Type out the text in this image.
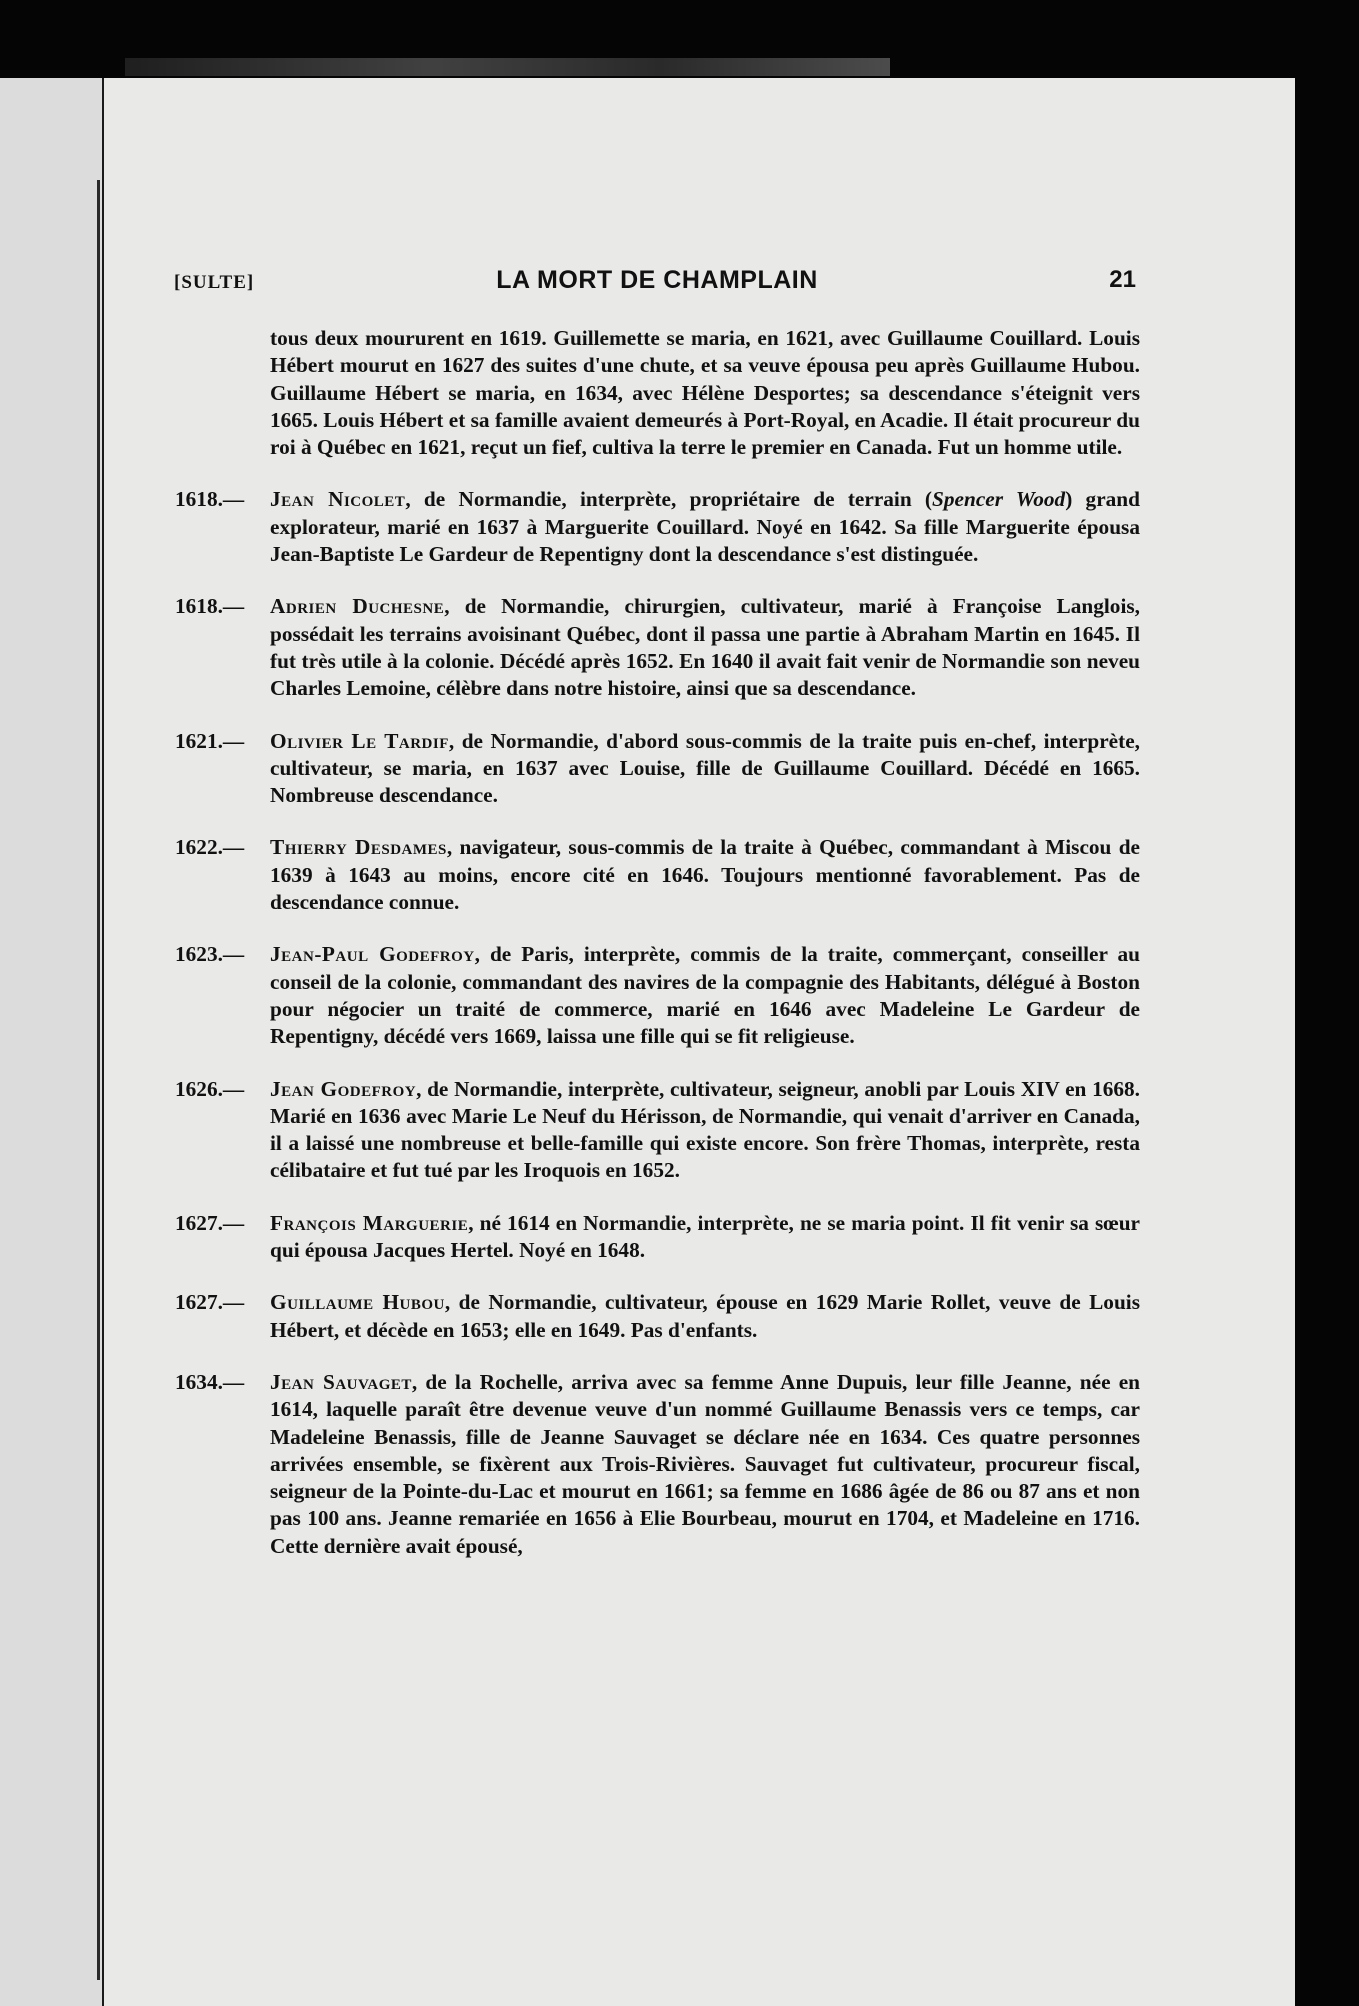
[SULTE]	LA MORT DE CHAMPLAIN	21

tous deux moururent en 1619. Guillemette se maria, en 1621, avec Guillaume Couillard. Louis Hébert mourut en 1627 des suites d'une chute, et sa veuve épousa peu après Guillaume Hubou. Guillaume Hébert se maria, en 1634, avec Hélène Desportes; sa descendance s'éteignit vers 1665. Louis Hébert et sa famille avaient demeurés à Port-Royal, en Acadie. Il était procureur du roi à Québec en 1621, reçut un fief, cultiva la terre le premier en Canada. Fut un homme utile.

1618.— Jean Nicolet, de Normandie, interprète, propriétaire de terrain (Spencer Wood) grand explorateur, marié en 1637 à Marguerite Couillard. Noyé en 1642. Sa fille Marguerite épousa Jean-Baptiste Le Gardeur de Repentigny dont la descendance s'est distinguée.
1618.— Adrien Duchesne, de Normandie, chirurgien, cultivateur, marié à Françoise Langlois, possédait les terrains avoisinant Québec, dont il passa une partie à Abraham Martin en 1645. Il fut très utile à la colonie. Décédé après 1652. En 1640 il avait fait venir de Normandie son neveu Charles Lemoine, célèbre dans notre histoire, ainsi que sa descendance.
1621.— Olivier Le Tardif, de Normandie, d'abord sous-commis de la traite puis en-chef, interprète, cultivateur, se maria, en 1637 avec Louise, fille de Guillaume Couillard. Décédé en 1665. Nombreuse descendance.
1622.— Thierry Desdames, navigateur, sous-commis de la traite à Québec, commandant à Miscou de 1639 à 1643 au moins, encore cité en 1646. Toujours mentionné favorablement. Pas de descendance connue.
1623.— Jean-Paul Godefroy, de Paris, interprète, commis de la traite, commerçant, conseiller au conseil de la colonie, commandant des navires de la compagnie des Habitants, délégué à Boston pour négocier un traité de commerce, marié en 1646 avec Madeleine Le Gardeur de Repentigny, décédé vers 1669, laissa une fille qui se fit religieuse.
1626.— Jean Godefroy, de Normandie, interprète, cultivateur, seigneur, anobli par Louis XIV en 1668. Marié en 1636 avec Marie Le Neuf du Hérisson, de Normandie, qui venait d'arriver en Canada, il a laissé une nombreuse et belle-famille qui existe encore. Son frère Thomas, interprète, resta célibataire et fut tué par les Iroquois en 1652.
1627.— François Marguerie, né 1614 en Normandie, interprète, ne se maria point. Il fit venir sa sœur qui épousa Jacques Hertel. Noyé en 1648.
1627.— Guillaume Hubou, de Normandie, cultivateur, épouse en 1629 Marie Rollet, veuve de Louis Hébert, et décède en 1653; elle en 1649. Pas d'enfants.
1634.— Jean Sauvaget, de la Rochelle, arriva avec sa femme Anne Dupuis, leur fille Jeanne, née en 1614, laquelle paraît être devenue veuve d'un nommé Guillaume Benassis vers ce temps, car Madeleine Benassis, fille de Jeanne Sauvaget se déclare née en 1634. Ces quatre personnes arrivées ensemble, se fixèrent aux Trois-Rivières. Sauvaget fut cultivateur, procureur fiscal, seigneur de la Pointe-du-Lac et mourut en 1661; sa femme en 1686 âgée de 86 ou 87 ans et non pas 100 ans. Jeanne remariée en 1656 à Elie Bourbeau, mourut en 1704, et Madeleine en 1716. Cette dernière avait épousé,
